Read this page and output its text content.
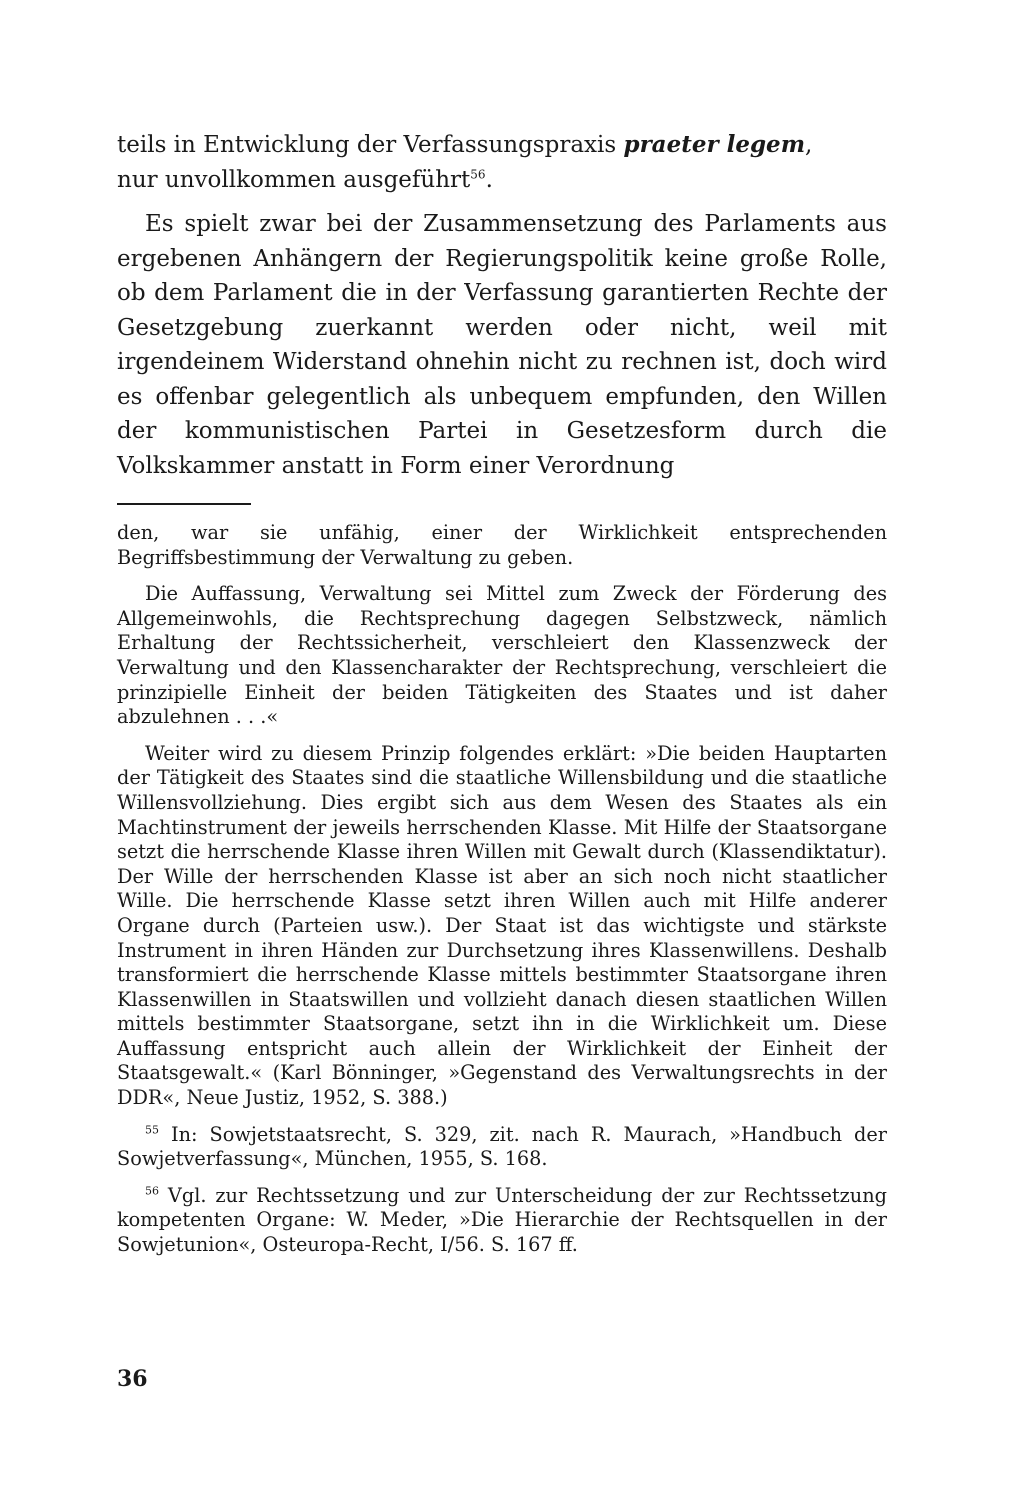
teils in Entwicklung der Verfassungspraxis praeter legem,
nur unvollkommen ausgeführt$^{56}$.

Es spielt zwar bei der Zusammensetzung des Parlaments aus ergebenen Anhängern der Regierungspolitik keine große Rolle, ob dem Parlament die in der Verfassung garantierten Rechte der Gesetzgebung zuerkannt werden oder nicht, weil mit irgendeinem Widerstand ohnehin nicht zu rechnen ist, doch wird es offenbar gelegentlich als unbequem empfunden, den Willen der kommunistischen Partei in Gesetzesform durch die Volkskammer anstatt in Form einer Verordnung

den, war sie unfähig, einer der Wirklichkeit entsprechenden Begriffsbestimmung der Verwaltung zu geben.

Die Auffassung, Verwaltung sei Mittel zum Zweck der Förderung des Allgemeinwohls, die Rechtsprechung dagegen Selbstzweck, nämlich Erhaltung der Rechtssicherheit, verschleiert den Klassenzweck der Verwaltung und den Klassencharakter der Rechtsprechung, verschleiert die prinzipielle Einheit der beiden Tätigkeiten des Staates und ist daher abzulehnen . . .«

Weiter wird zu diesem Prinzip folgendes erklärt: »Die beiden Hauptarten der Tätigkeit des Staates sind die staatliche Willensbildung und die staatliche Willensvollziehung. Dies ergibt sich aus dem Wesen des Staates als ein Machtinstrument der jeweils herrschenden Klasse. Mit Hilfe der Staatsorgane setzt die herrschende Klasse ihren Willen mit Gewalt durch (Klassendiktatur). Der Wille der herrschenden Klasse ist aber an sich noch nicht staatlicher Wille. Die herrschende Klasse setzt ihren Willen auch mit Hilfe anderer Organe durch (Parteien usw.). Der Staat ist das wichtigste und stärkste Instrument in ihren Händen zur Durchsetzung ihres Klassenwillens. Deshalb transformiert die herrschende Klasse mittels bestimmter Staatsorgane ihren Klassenwillen in Staatswillen und vollzieht danach diesen staatlichen Willen mittels bestimmter Staatsorgane, setzt ihn in die Wirklichkeit um. Diese Auffassung entspricht auch allein der Wirklichkeit der Einheit der Staatsgewalt.« (Karl Bönninger, »Gegenstand des Verwaltungsrechts in der DDR«, Neue Justiz, 1952, S. 388.)

$^{55}$ In: Sowjetstaatsrecht, S. 329, zit. nach R. Maurach, »Handbuch der Sowjetverfassung«, München, 1955, S. 168.

$^{56}$ Vgl. zur Rechtssetzung und zur Unterscheidung der zur Rechtssetzung kompetenten Organe: W. Meder, »Die Hierarchie der Rechtsquellen in der Sowjetunion«, Osteuropa-Recht, I/56. S. 167 ff.

36
